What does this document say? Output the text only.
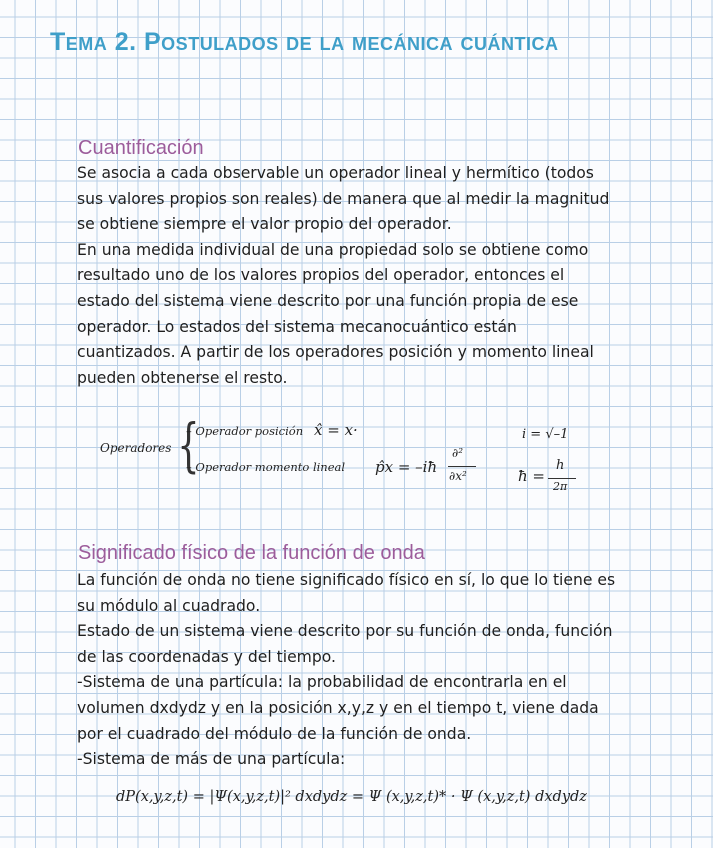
Tema 2. Postulados de la mecánica cuántica
Cuantificación
Se asocia a cada observable un operador lineal y hermítico (todos
sus valores propios son reales) de manera que al medir la magnitud
se obtiene siempre el valor propio del operador.
En una medida individual de una propiedad solo se obtiene como
resultado uno de los valores propios del operador, entonces el
estado del sistema viene descrito por una función propia de ese
operador. Lo estados del sistema mecanocuántico están
cuantizados. A partir de los operadores posición y momento lineal
pueden obtenerse el resto.
Operadores {
– Operador posición x̂ = x·
– Operador momento lineal p̂x = –iħ
∂²
∂x²
i = √–1
ħ =
h
2π
Significado físico de la función de onda
La función de onda no tiene significado físico en sí, lo que lo tiene es
su módulo al cuadrado.
Estado de un sistema viene descrito por su función de onda, función
de las coordenadas y del tiempo.
-Sistema de una partícula: la probabilidad de encontrarla en el
volumen dxdydz y en la posición x,y,z y en el tiempo t, viene dada
por el cuadrado del módulo de la función de onda.
-Sistema de más de una partícula:
dP(x,y,z,t) = |Ψ(x,y,z,t)|² dxdydz = Ψ (x,y,z,t)* · Ψ (x,y,z,t) dxdydz
